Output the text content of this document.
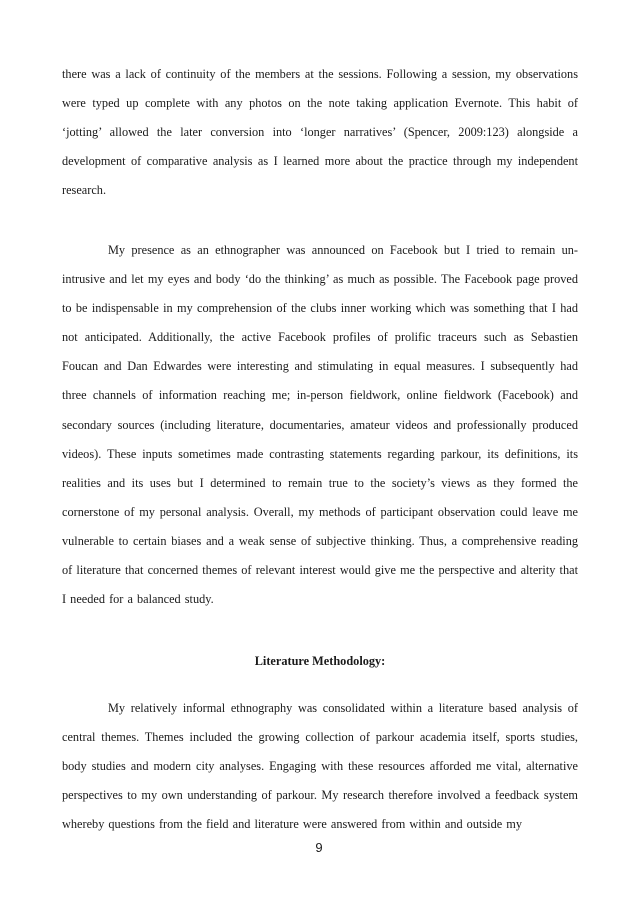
there was a lack of continuity of the members at the sessions. Following a session, my observations were typed up complete with any photos on the note taking application Evernote. This habit of ‘jotting’ allowed the later conversion into ‘longer narratives’ (Spencer, 2009:123) alongside a development of comparative analysis as I learned more about the practice through my independent research.

My presence as an ethnographer was announced on Facebook but I tried to remain un-intrusive and let my eyes and body ‘do the thinking’ as much as possible. The Facebook page proved to be indispensable in my comprehension of the clubs inner working which was something that I had not anticipated. Additionally, the active Facebook profiles of prolific traceurs such as Sebastien Foucan and Dan Edwardes were interesting and stimulating in equal measures. I subsequently had three channels of information reaching me; in-person fieldwork, online fieldwork (Facebook) and secondary sources (including literature, documentaries, amateur videos and professionally produced videos). These inputs sometimes made contrasting statements regarding parkour, its definitions, its realities and its uses but I determined to remain true to the society’s views as they formed the cornerstone of my personal analysis. Overall, my methods of participant observation could leave me vulnerable to certain biases and a weak sense of subjective thinking. Thus, a comprehensive reading of literature that concerned themes of relevant interest would give me the perspective and alterity that I needed for a balanced study.

Literature Methodology:

My relatively informal ethnography was consolidated within a literature based analysis of central themes. Themes included the growing collection of parkour academia itself, sports studies, body studies and modern city analyses. Engaging with these resources afforded me vital, alternative perspectives to my own understanding of parkour. My research therefore involved a feedback system whereby questions from the field and literature were answered from within and outside my

9
